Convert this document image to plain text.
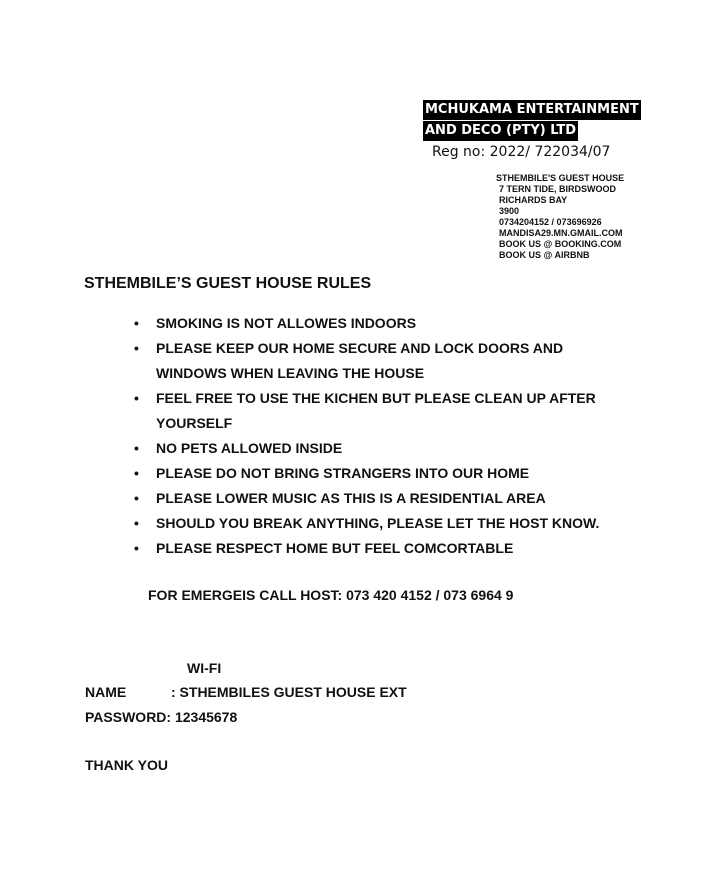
MCHUKAMA ENTERTAINMENT
AND DECO (PTY) LTD
Reg no: 2022/ 722034/07
STHEMBILE'S GUEST HOUSE
7 TERN TIDE, BIRDSWOOD
RICHARDS BAY
3900
0734204152 / 073696926
MANDISA29.MN.GMAIL.COM
BOOK US @ BOOKING.COM
BOOK US @ AIRBNB
STHEMBILE’S GUEST HOUSE RULES
• SMOKING IS NOT ALLOWES INDOORS
• PLEASE KEEP OUR HOME SECURE AND LOCK DOORS AND WINDOWS WHEN LEAVING THE HOUSE
• FEEL FREE TO USE THE KICHEN BUT PLEASE CLEAN UP AFTER YOURSELF
• NO PETS ALLOWED INSIDE
• PLEASE DO NOT BRING STRANGERS INTO OUR HOME
• PLEASE LOWER MUSIC AS THIS IS A RESIDENTIAL AREA
• SHOULD YOU BREAK ANYTHING, PLEASE LET THE HOST KNOW.
• PLEASE RESPECT HOME BUT FEEL COMCORTABLE
FOR EMERGEIS CALL HOST: 073 420 4152 / 073 6964 9
WI-FI
NAME	: STHEMBILES GUEST HOUSE EXT
PASSWORD: 12345678
THANK YOU
